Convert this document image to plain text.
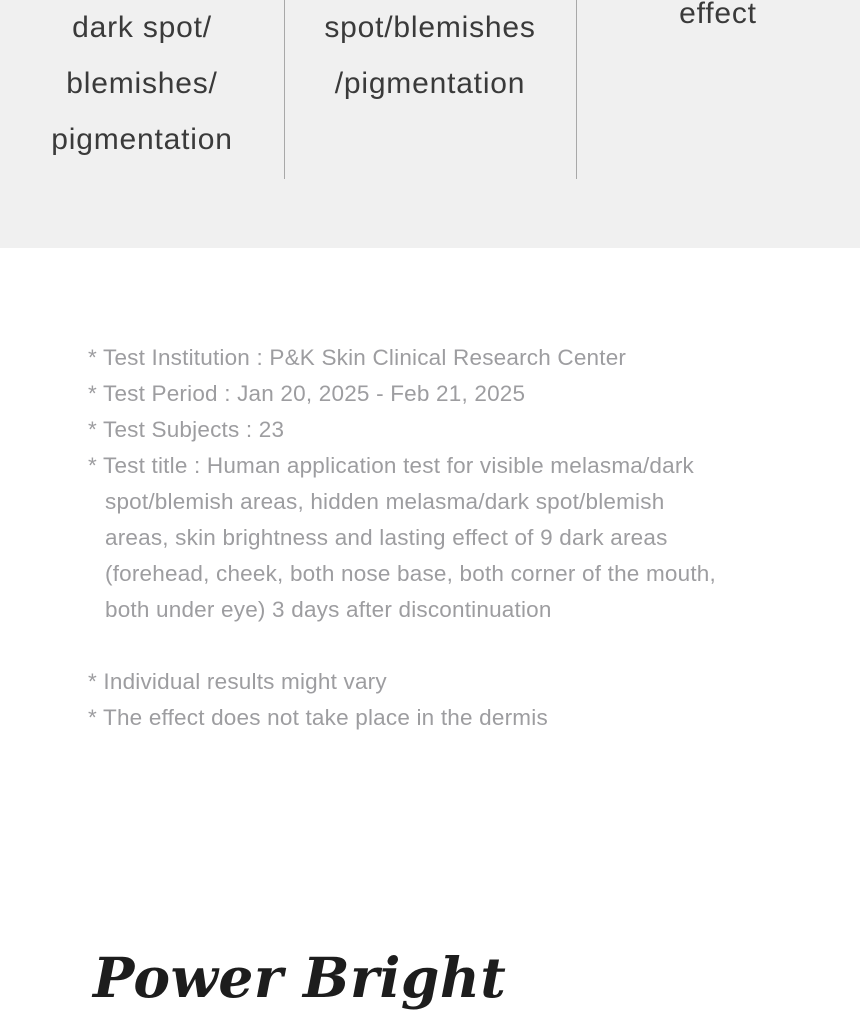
dark spot/
blemishes/
pigmentation
spot/blemishes
/pigmentation
effect
* Test Institution : P&K Skin Clinical Research Center
* Test Period : Jan 20, 2025 - Feb 21, 2025
* Test Subjects : 23
* Test title : Human application test for visible melasma/dark
spot/blemish areas, hidden melasma/dark spot/blemish
areas, skin brightness and lasting effect of 9 dark areas
(forehead, cheek, both nose base, both corner of the mouth,
both under eye) 3 days after discontinuation
* Individual results might vary
* The effect does not take place in the dermis
Power Bright
